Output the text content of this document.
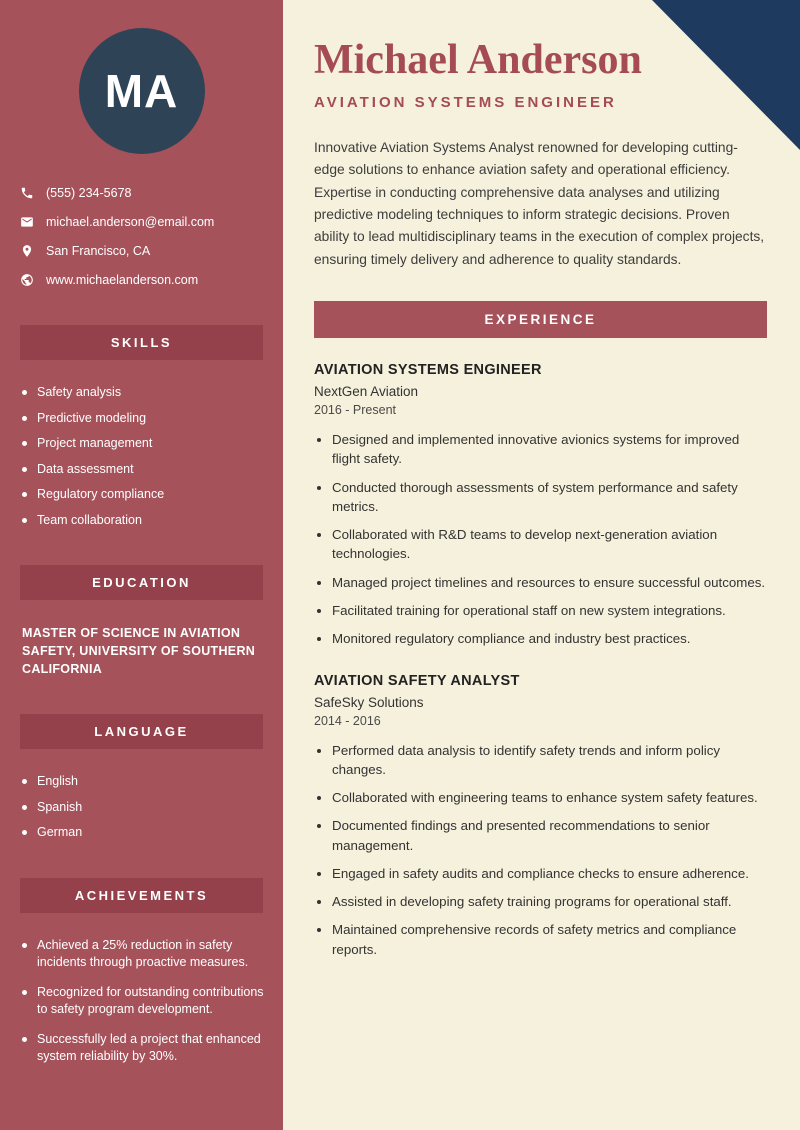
MA
(555) 234-5678
michael.anderson@email.com
San Francisco, CA
www.michaelanderson.com
SKILLS
Safety analysis
Predictive modeling
Project management
Data assessment
Regulatory compliance
Team collaboration
EDUCATION
MASTER OF SCIENCE IN AVIATION SAFETY, UNIVERSITY OF SOUTHERN CALIFORNIA
LANGUAGE
English
Spanish
German
ACHIEVEMENTS
Achieved a 25% reduction in safety incidents through proactive measures.
Recognized for outstanding contributions to safety program development.
Successfully led a project that enhanced system reliability by 30%.
Michael Anderson
AVIATION SYSTEMS ENGINEER

Innovative Aviation Systems Analyst renowned for developing cutting-edge solutions to enhance aviation safety and operational efficiency. Expertise in conducting comprehensive data analyses and utilizing predictive modeling techniques to inform strategic decisions. Proven ability to lead multidisciplinary teams in the execution of complex projects, ensuring timely delivery and adherence to quality standards.

EXPERIENCE
AVIATION SYSTEMS ENGINEER
NextGen Aviation
2016 - Present
• Designed and implemented innovative avionics systems for improved flight safety.
• Conducted thorough assessments of system performance and safety metrics.
• Collaborated with R&D teams to develop next-generation aviation technologies.
• Managed project timelines and resources to ensure successful outcomes.
• Facilitated training for operational staff on new system integrations.
• Monitored regulatory compliance and industry best practices.
AVIATION SAFETY ANALYST
SafeSky Solutions
2014 - 2016
• Performed data analysis to identify safety trends and inform policy changes.
• Collaborated with engineering teams to enhance system safety features.
• Documented findings and presented recommendations to senior management.
• Engaged in safety audits and compliance checks to ensure adherence.
• Assisted in developing safety training programs for operational staff.
• Maintained comprehensive records of safety metrics and compliance reports.
